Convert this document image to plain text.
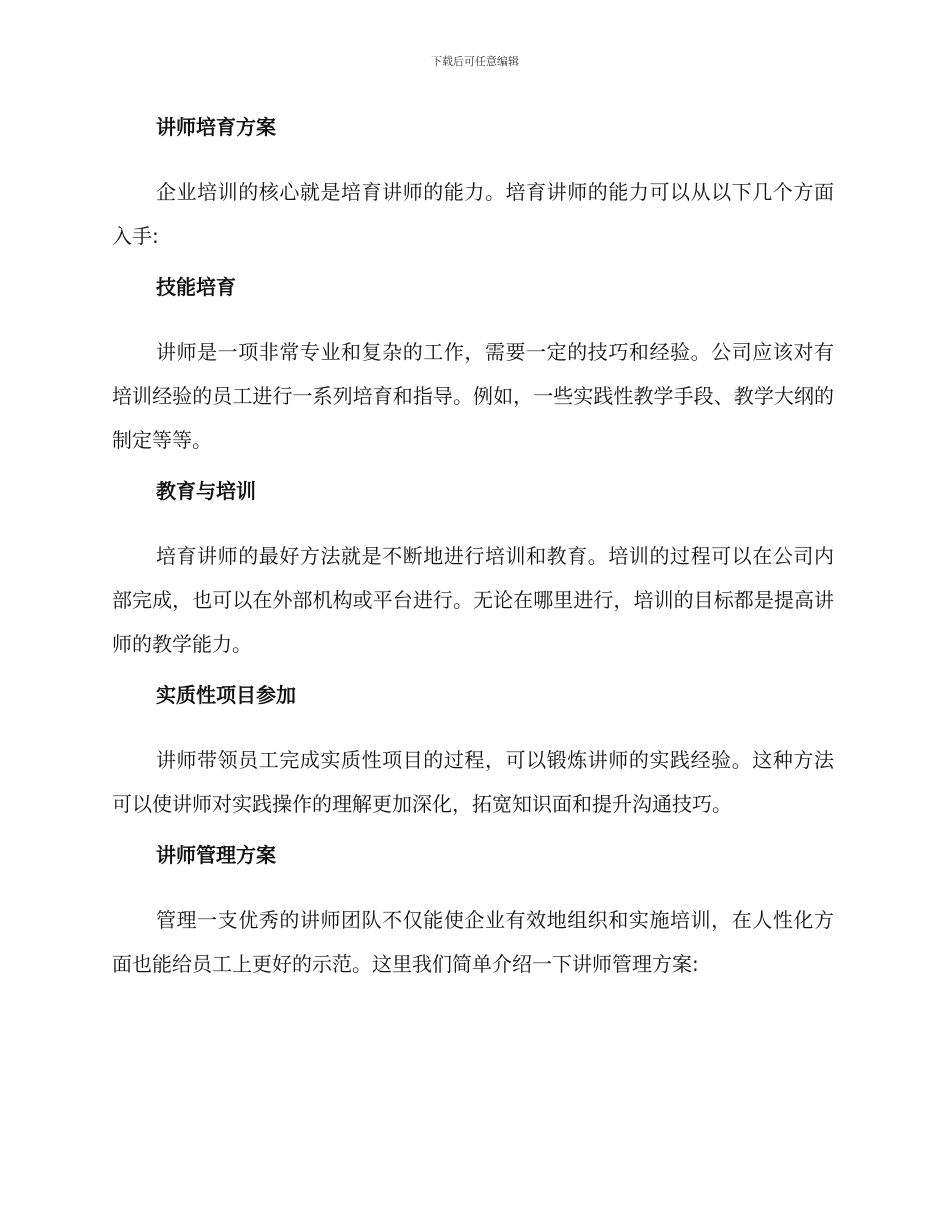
下载后可任意编辑
讲师培育方案
企业培训的核心就是培育讲师的能力。培育讲师的能力可以从以下几个方面入手:
技能培育
讲师是一项非常专业和复杂的工作，需要一定的技巧和经验。公司应该对有培训经验的员工进行一系列培育和指导。例如，一些实践性教学手段、教学大纲的制定等等。
教育与培训
培育讲师的最好方法就是不断地进行培训和教育。培训的过程可以在公司内部完成，也可以在外部机构或平台进行。无论在哪里进行，培训的目标都是提高讲师的教学能力。
实质性项目参加
讲师带领员工完成实质性项目的过程，可以锻炼讲师的实践经验。这种方法可以使讲师对实践操作的理解更加深化，拓宽知识面和提升沟通技巧。
讲师管理方案
管理一支优秀的讲师团队不仅能使企业有效地组织和实施培训，在人性化方面也能给员工上更好的示范。这里我们简单介绍一下讲师管理方案:
